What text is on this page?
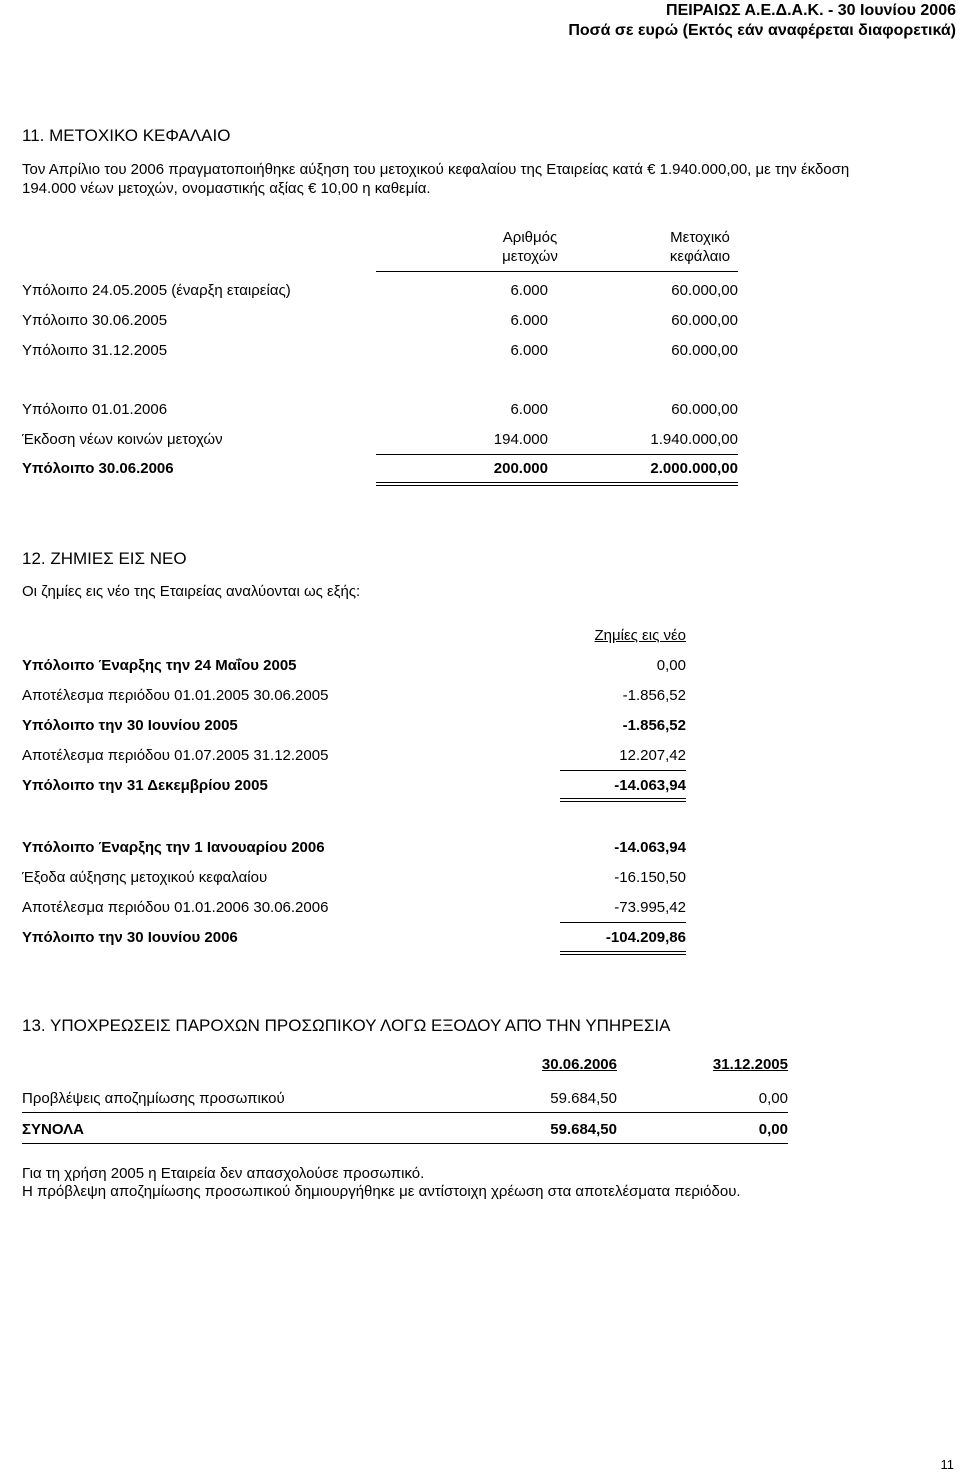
ΠΕΙΡΑΙΩΣ Α.Ε.Δ.Α.Κ. - 30 Ιουνίου 2006
Ποσά σε ευρώ (Εκτός εάν αναφέρεται διαφορετικά)
11. ΜΕΤΟΧΙΚΟ ΚΕΦΑΛΑΙΟ
Τον Απρίλιο του 2006 πραγματοποιήθηκε αύξηση του μετοχικού κεφαλαίου της Εταιρείας κατά € 1.940.000,00, με την έκδοση
194.000 νέων μετοχών, ονομαστικής αξίας € 10,00 η καθεμία.
Αριθμός
μετοχών
Μετοχικό
κεφάλαιο
Υπόλοιπο 24.05.2005 (έναρξη εταιρείας)	6.000	60.000,00
Υπόλοιπο 30.06.2005	6.000	60.000,00
Υπόλοιπο 31.12.2005	6.000	60.000,00
Υπόλοιπο 01.01.2006	6.000	60.000,00
Έκδοση νέων κοινών μετοχών	194.000	1.940.000,00
Υπόλοιπο 30.06.2006	200.000	2.000.000,00
12. ΖΗΜΙΕΣ ΕΙΣ ΝΕΟ
Οι ζημίες εις νέο της Εταιρείας αναλύονται ως εξής:
Ζημίες εις νέο
Υπόλοιπο Έναρξης την 24 Μαΐου 2005	0,00
Αποτέλεσμα περιόδου 01.01.2005 30.06.2005	-1.856,52
Υπόλοιπο την 30 Ιουνίου 2005	-1.856,52
Αποτέλεσμα περιόδου 01.07.2005 31.12.2005	12.207,42
Υπόλοιπο την 31 Δεκεμβρίου 2005	-14.063,94
Υπόλοιπο Έναρξης την 1 Ιανουαρίου 2006	-14.063,94
Έξοδα αύξησης μετοχικού κεφαλαίου	-16.150,50
Αποτέλεσμα περιόδου 01.01.2006 30.06.2006	-73.995,42
Υπόλοιπο την 30 Ιουνίου 2006	-104.209,86
13. ΥΠΟΧΡΕΩΣΕΙΣ ΠΑΡΟΧΩΝ ΠΡΟΣΩΠΙΚΟΥ ΛΟΓΩ ΕΞΟΔΟΥ ΑΠΌ ΤΗΝ ΥΠΗΡΕΣΙΑ
30.06.2006	31.12.2005
Προβλέψεις αποζημίωσης προσωπικού	59.684,50	0,00
ΣΥΝΟΛΑ	59.684,50	0,00
Για τη χρήση 2005 η Εταιρεία δεν απασχολούσε προσωπικό.
Η πρόβλεψη αποζημίωσης προσωπικού δημιουργήθηκε με αντίστοιχη χρέωση στα αποτελέσματα περιόδου.
11
